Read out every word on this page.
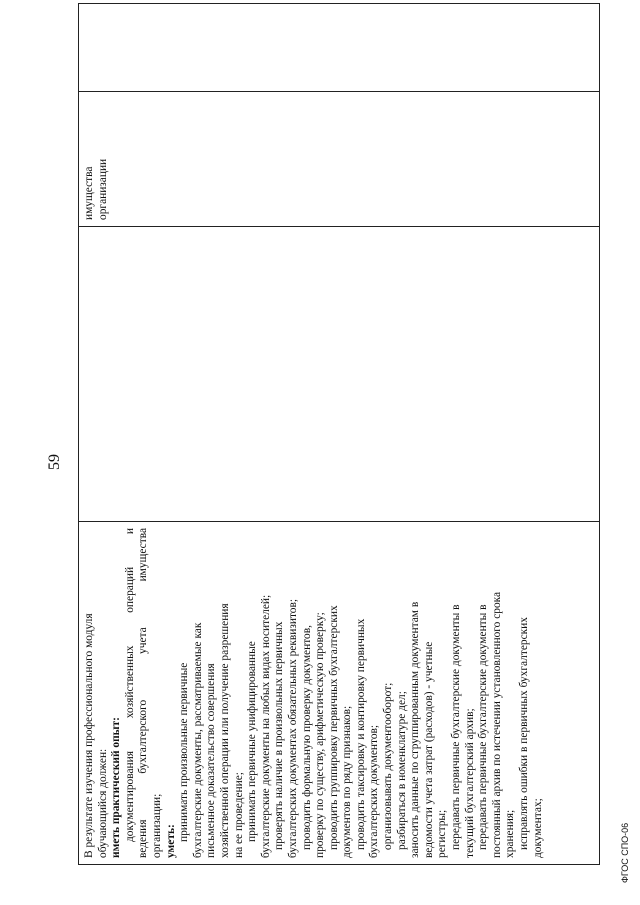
59

В результате изучения профессионального модуля обучающийся должен: иметь практический опыт: документирования хозяйственных операций и ведения бухгалтерского учета имущества организации; уметь: принимать произвольные первичные бухгалтерские документы, рассматриваемые как письменное доказательство совершения хозяйственной операции или получение разрешения на ее проведение; принимать первичные унифицированные бухгалтерские документы на любых видах носителей; проверять наличие в произвольных первичных бухгалтерских документах обязательных реквизитов; проводить формальную проверку документов, проверку по существу, арифметическую проверку; проводить группировку первичных бухгалтерских документов по ряду признаков; проводить таксировку и контировку первичных бухгалтерских документов; организовывать документооборот; разбираться в номенклатуре дел; заносить данные по сгруппированным документам в ведомости учета затрат (расходов) - учетные регистры; передавать первичные бухгалтерские документы в текущий бухгалтерский архив; передавать первичные бухгалтерские документы в постоянный архив по истечении установленного срока хранения; исправлять ошибки в первичных бухгалтерских документах;

имущества организации
ФГОС СПО-06
